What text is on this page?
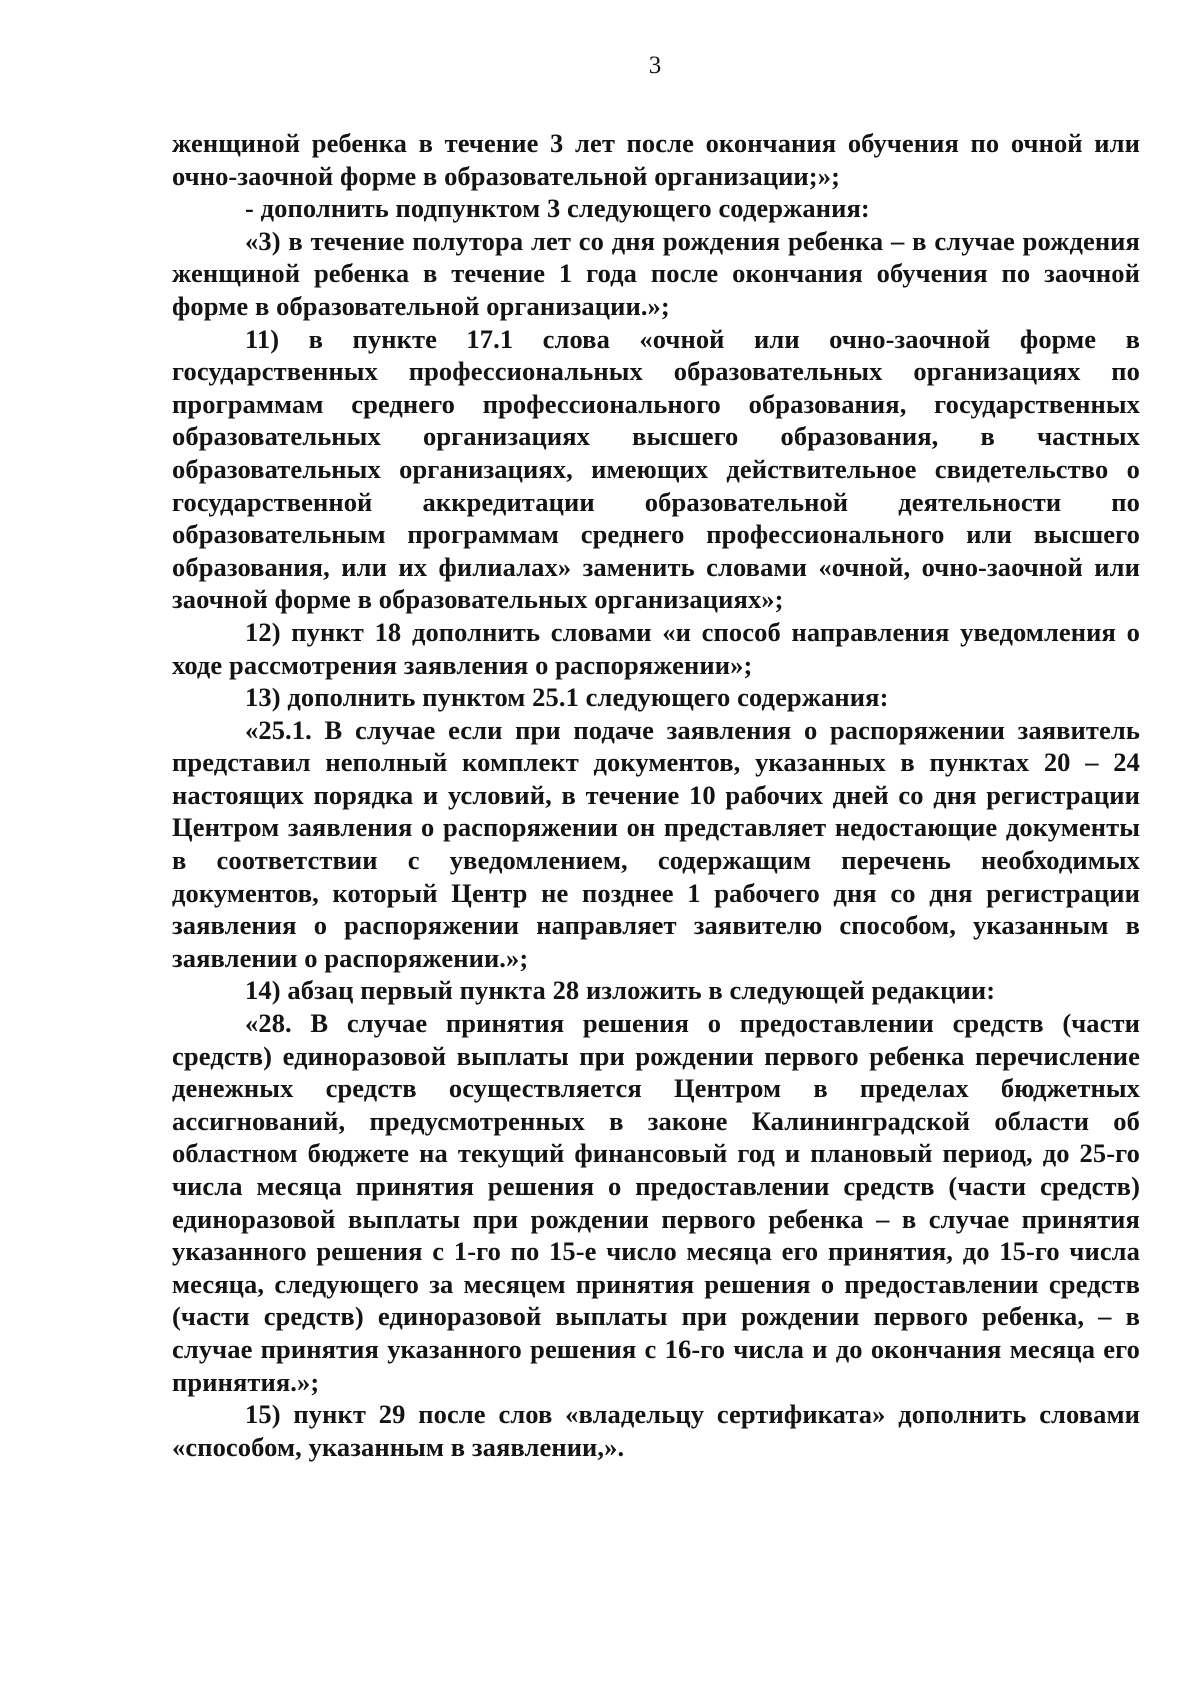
3

женщиной ребенка в течение 3 лет после окончания обучения по очной или очно-заочной форме в образовательной организации;»;

- дополнить подпунктом 3 следующего содержания:

«3) в течение полутора лет со дня рождения ребенка – в случае рождения женщиной ребенка в течение 1 года после окончания обучения по заочной форме в образовательной организации.»;

11) в пункте 17.1 слова «очной или очно-заочной форме в государственных профессиональных образовательных организациях по программам среднего профессионального образования, государственных образовательных организациях высшего образования, в частных образовательных организациях, имеющих действительное свидетельство о государственной аккредитации образовательной деятельности по образовательным программам среднего профессионального или высшего образования, или их филиалах» заменить словами «очной, очно-заочной или заочной форме в образовательных организациях»;

12) пункт 18 дополнить словами «и способ направления уведомления о ходе рассмотрения заявления о распоряжении»;

13) дополнить пунктом 25.1 следующего содержания:

«25.1. В случае если при подаче заявления о распоряжении заявитель представил неполный комплект документов, указанных в пунктах 20 – 24 настоящих порядка и условий, в течение 10 рабочих дней со дня регистрации Центром заявления о распоряжении он представляет недостающие документы в соответствии с уведомлением, содержащим перечень необходимых документов, который Центр не позднее 1 рабочего дня со дня регистрации заявления о распоряжении направляет заявителю способом, указанным в заявлении о распоряжении.»;

14) абзац первый пункта 28 изложить в следующей редакции:

«28. В случае принятия решения о предоставлении средств (части средств) единоразовой выплаты при рождении первого ребенка перечисление денежных средств осуществляется Центром в пределах бюджетных ассигнований, предусмотренных в законе Калининградской области об областном бюджете на текущий финансовый год и плановый период, до 25-го числа месяца принятия решения о предоставлении средств (части средств) единоразовой выплаты при рождении первого ребенка – в случае принятия указанного решения с 1-го по 15-е число месяца его принятия, до 15-го числа месяца, следующего за месяцем принятия решения о предоставлении средств (части средств) единоразовой выплаты при рождении первого ребенка, – в случае принятия указанного решения с 16-го числа и до окончания месяца его принятия.»;

15) пункт 29 после слов «владельцу сертификата» дополнить словами «способом, указанным в заявлении,».
